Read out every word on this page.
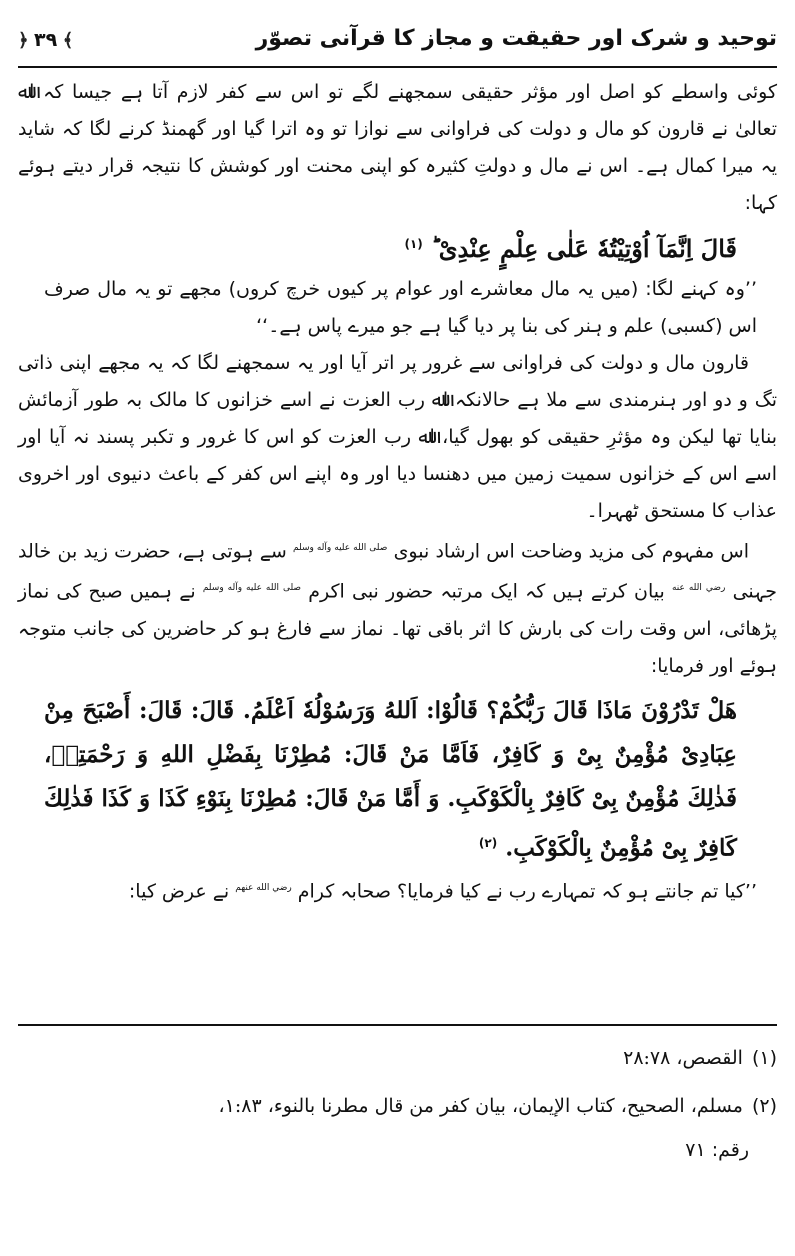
توحید و شرک اور حقیقت و مجاز کا قرآنی تصوّر
﴾ ۳۹ ﴿

کوئی واسطے کو اصل اور مؤثر حقیقی سمجھنے لگے تو اس سے کفر لازم آتا ہے جیسا کہ اﷲ تعالیٰ نے قارون کو مال و دولت کی فراوانی سے نوازا تو وہ اترا گیا اور گھمنڈ کرنے لگا کہ شاید یہ میرا کمال ہے۔ اس نے مال و دولتِ کثیرہ کو اپنی محنت اور کوشش کا نتیجہ قرار دیتے ہوئے کہا:

قَالَ اِنَّمَآ اُوْتِیْتُهٗ عَلٰی عِلْمٍ عِنْدِیْ ؕ $^{(۱)}$

’’وہ کہنے لگا: (میں یہ مال معاشرے اور عوام پر کیوں خرچ کروں) مجھے تو یہ مال صرف اس (کسبی) علم و ہنر کی بنا پر دیا گیا ہے جو میرے پاس ہے۔‘‘

قارون مال و دولت کی فراوانی سے غرور پر اتر آیا اور یہ سمجھنے لگا کہ یہ مجھے اپنی ذاتی تگ و دو اور ہنرمندی سے ملا ہے حالانکہ اﷲ رب العزت نے اسے خزانوں کا مالک بہ طور آزمائش بنایا تھا لیکن وہ مؤثرِ حقیقی کو بھول گیا، اﷲ رب العزت کو اس کا غرور و تکبر پسند نہ آیا اور اسے اس کے خزانوں سمیت زمین میں دھنسا دیا اور وہ اپنے اس کفر کے باعث دنیوی اور اخروی عذاب کا مستحق ٹھہرا۔

اس مفہوم کی مزید وضاحت اس ارشاد نبوی $^{صلى الله عليه وآله وسلم}$ سے ہوتی ہے، حضرت زید بن خالد جہنی $^{رضي الله عنه}$ بیان کرتے ہیں کہ ایک مرتبہ حضور نبی اکرم $^{صلى الله عليه وآله وسلم}$ نے ہمیں صبح کی نماز پڑھائی، اس وقت رات کی بارش کا اثر باقی تھا۔ نماز سے فارغ ہو کر حاضرین کی جانب متوجہ ہوئے اور فرمایا:

هَلْ تَدْرُوْنَ مَاذَا قَالَ رَبُّكُمْ؟ قَالُوْا: اَللهُ وَرَسُوْلُهٗ اَعْلَمُ. قَالَ: قَالَ: أَصْبَحَ مِنْ عِبَادِیْ مُؤْمِنٌ بِیْ وَ كَافِرٌ، فَاَمَّا مَنْ قَالَ: مُطِرْنَا بِفَضْلِ اللهِ وَ رَحْمَتِهٖ، فَذٰلِكَ مُؤْمِنٌ بِیْ كَافِرٌ بِالْكَوْكَبِ. وَ أَمَّا مَنْ قَالَ: مُطِرْنَا بِنَوْءِ كَذَا وَ كَذَا فَذٰلِكَ كَافِرٌ بِیْ مُؤْمِنٌ بِالْكَوْكَبِ. $^{(۲)}$

’’کیا تم جانتے ہو کہ تمہارے رب نے کیا فرمایا؟ صحابہ کرام $^{رضي الله عنهم}$ نے عرض کیا:

(۱) القصص، ۲۸:۷۸

(۲) مسلم، الصحیح، کتاب الإیمان، بیان کفر من قال مطرنا بالنوء، ۱:۸۳،

رقم: ۷۱
